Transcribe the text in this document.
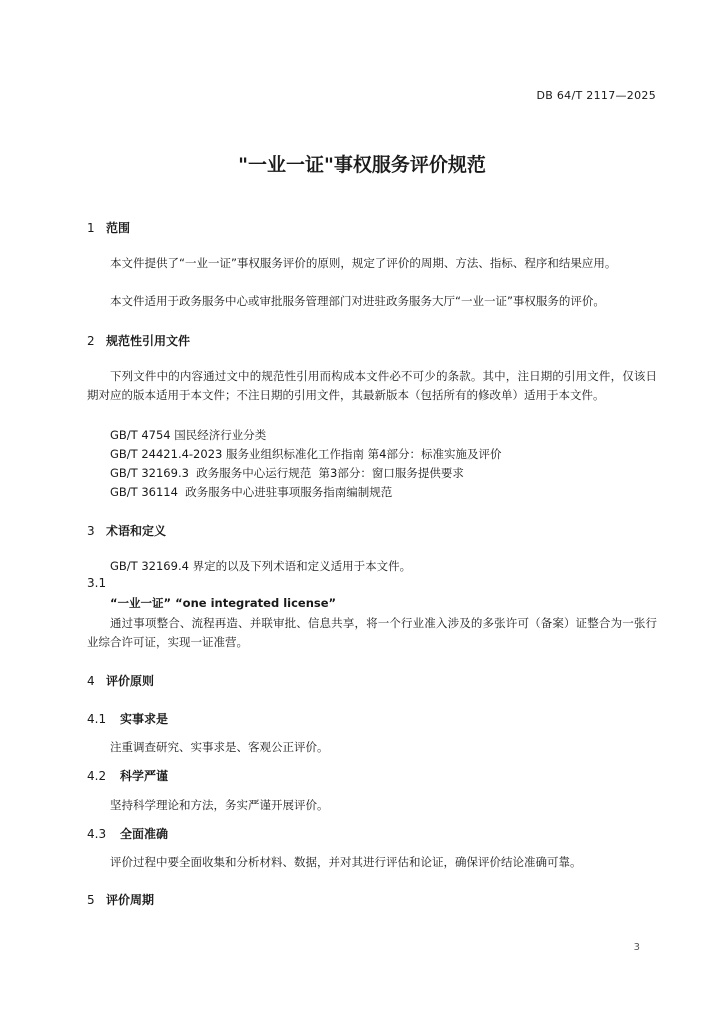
DB 64/T 2117—2025
"一业一证"事权服务评价规范
1 范围
本文件提供了“一业一证”事权服务评价的原则，规定了评价的周期、方法、指标、程序和结果应用。
本文件适用于政务服务中心或审批服务管理部门对进驻政务服务大厅“一业一证”事权服务的评价。
2 规范性引用文件
下列文件中的内容通过文中的规范性引用而构成本文件必不可少的条款。其中，注日期的引用文件，仅该日期对应的版本适用于本文件；不注日期的引用文件，其最新版本（包括所有的修改单）适用于本文件。
GB/T 4754 国民经济行业分类
GB/T 24421.4-2023 服务业组织标准化工作指南 第4部分：标准实施及评价
GB/T 32169.3  政务服务中心运行规范  第3部分：窗口服务提供要求
GB/T 36114  政务服务中心进驻事项服务指南编制规范
3 术语和定义
GB/T 32169.4 界定的以及下列术语和定义适用于本文件。
3.1
“一业一证” “one integrated license”
通过事项整合、流程再造、并联审批、信息共享，将一个行业准入涉及的多张许可（备案）证整合为一张行业综合许可证，实现一证准营。
4 评价原则
4.1 实事求是
注重调查研究、实事求是、客观公正评价。
4.2 科学严谨
坚持科学理论和方法，务实严谨开展评价。
4.3 全面准确
评价过程中要全面收集和分析材料、数据，并对其进行评估和论证，确保评价结论准确可靠。
5 评价周期
3
